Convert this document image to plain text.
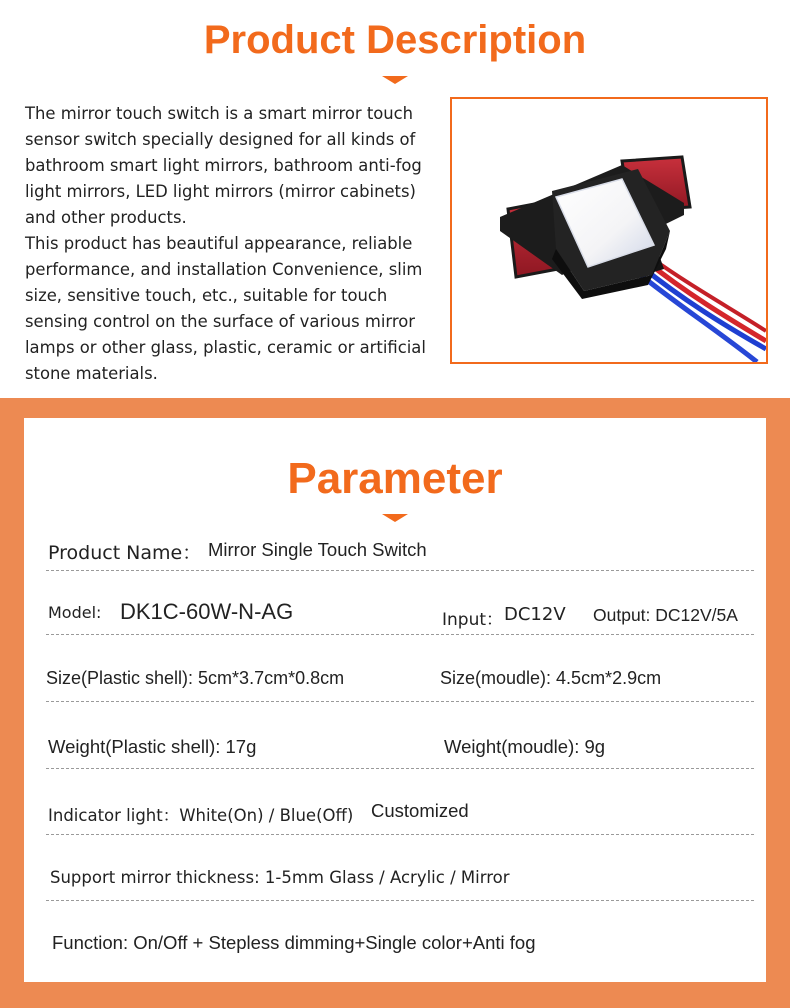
Product Description

The mirror touch switch is a smart mirror touch sensor switch specially designed for all kinds of bathroom smart light mirrors, bathroom anti-fog light mirrors, LED light mirrors (mirror cabinets) and other products.

This product has beautiful appearance, reliable performance, and installation Convenience, slim size, sensitive touch, etc., suitable for touch sensing control on the surface of various mirror lamps or other glass, plastic, ceramic or artificial stone materials.

Parameter
Product Name： Mirror Single Touch Switch
Model: DK1C-60W-N-AG	Input： DC12V Output: DC12V/5A
Size(Plastic shell): 5cm*3.7cm*0.8cm	Size(moudle): 4.5cm*2.9cm
Weight(Plastic shell): 17g	Weight(moudle): 9g
Indicator light：White(On) / Blue(Off) Customized
Support mirror thickness: 1-5mm Glass / Acrylic / Mirror
Function: On/Off + Stepless dimming+Single color+Anti fog
